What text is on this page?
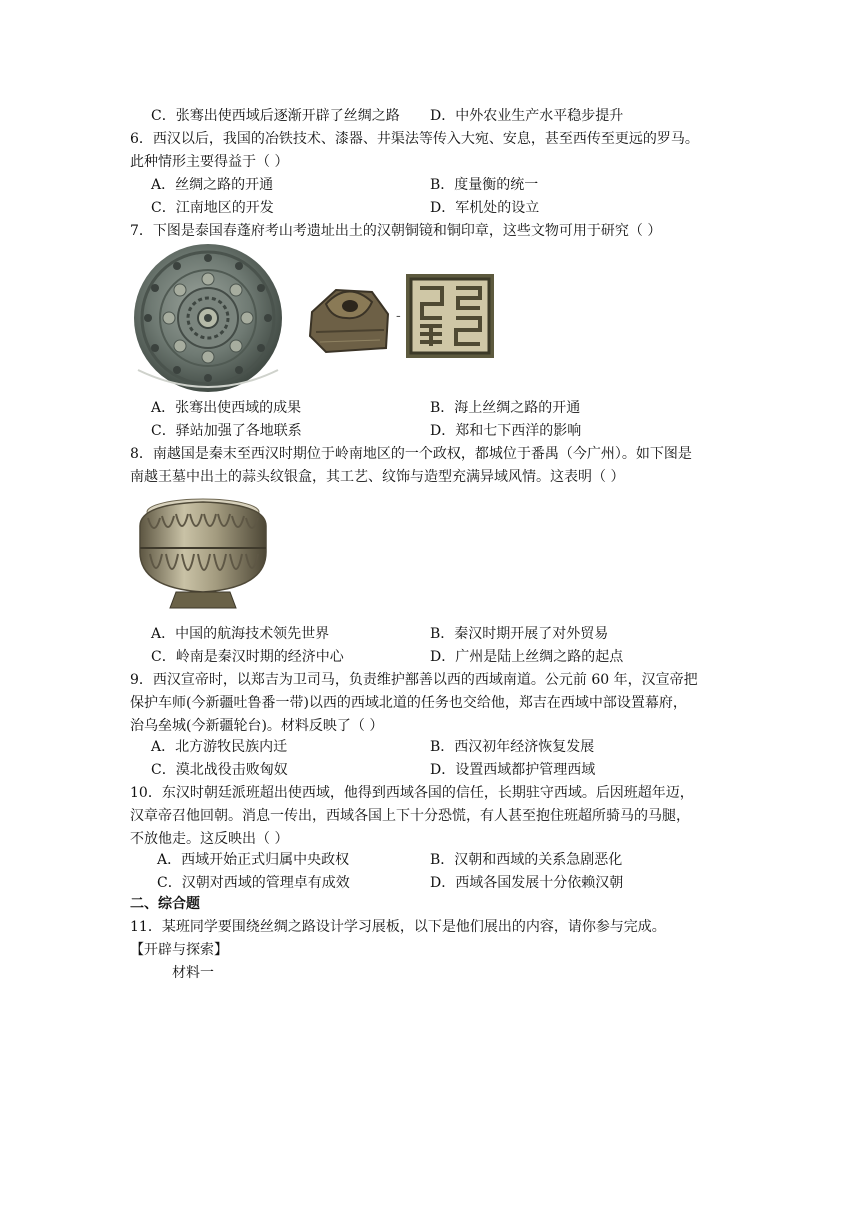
C．张骞出使西域后逐渐开辟了丝绸之路 D．中外农业生产水平稳步提升
6．西汉以后，我国的冶铁技术、漆器、井渠法等传入大宛、安息，甚至西传至更远的罗马。
此种情形主要得益于（ ）
A．丝绸之路的开通	B．度量衡的统一
C．江南地区的开发	D．军机处的设立
7．下图是泰国春蓬府考山考遗址出土的汉朝铜镜和铜印章，这些文物可用于研究（ ）
-
A．张骞出使西域的成果	B．海上丝绸之路的开通
C．驿站加强了各地联系	D．郑和七下西洋的影响
8．南越国是秦末至西汉时期位于岭南地区的一个政权，都城位于番禺（今广州）。如下图是
南越王墓中出土的蒜头纹银盒，其工艺、纹饰与造型充满异域风情。这表明（ ）
A．中国的航海技术领先世界	B．秦汉时期开展了对外贸易
C．岭南是秦汉时期的经济中心	D．广州是陆上丝绸之路的起点
9．西汉宣帝时，以郑吉为卫司马，负责维护鄯善以西的西域南道。公元前 60 年，汉宣帝把
保护车师(今新疆吐鲁番一带)以西的西域北道的任务也交给他，郑吉在西域中部设置幕府，
治乌垒城(今新疆轮台)。材料反映了（ ）
A．北方游牧民族内迁	B．西汉初年经济恢复发展
C．漠北战役击败匈奴	D．设置西域都护管理西域
10．东汉时朝廷派班超出使西域，他得到西域各国的信任，长期驻守西域。后因班超年迈，
汉章帝召他回朝。消息一传出，西域各国上下十分恐慌，有人甚至抱住班超所骑马的马腿，
不放他走。这反映出（ ）
A．西域开始正式归属中央政权	B．汉朝和西域的关系急剧恶化
C．汉朝对西域的管理卓有成效	D．西域各国发展十分依赖汉朝
二、综合题
11．某班同学要围绕丝绸之路设计学习展板，以下是他们展出的内容，请你参与完成。
【开辟与探索】
材料一
